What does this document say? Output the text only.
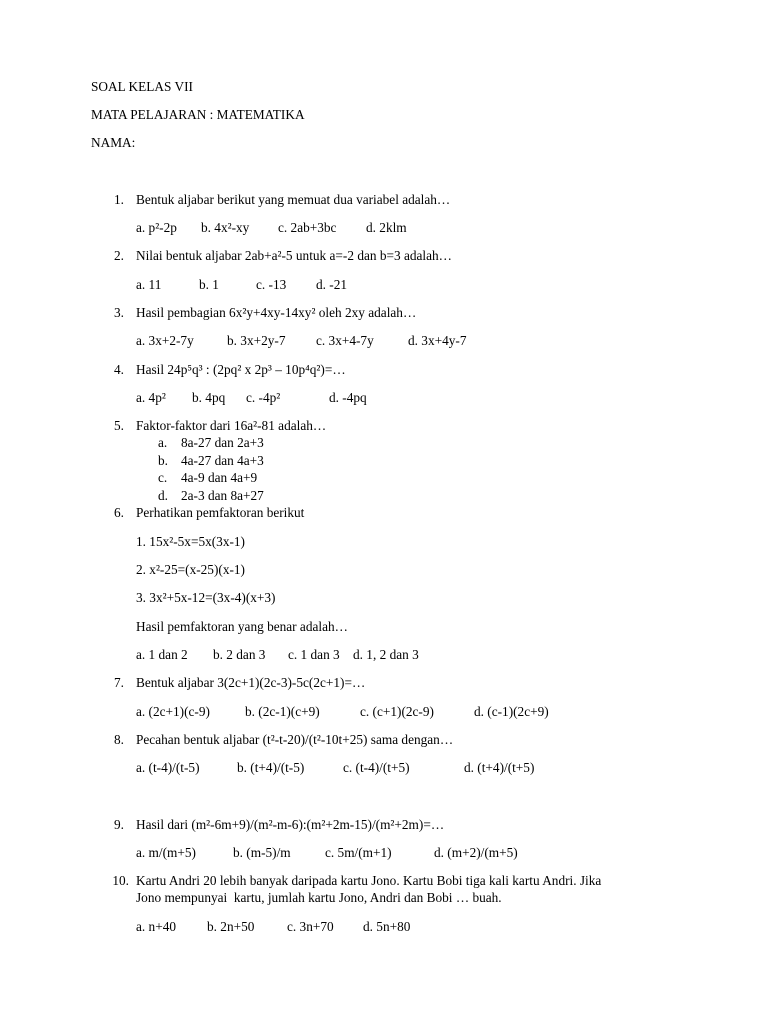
SOAL KELAS VII
MATA PELAJARAN : MATEMATIKA
NAMA:
1. Bentuk aljabar berikut yang memuat dua variabel adalah…
a. p²-2p b. 4x²-xy c. 2ab+3bc d. 2klm
2. Nilai bentuk aljabar 2ab+a²-5 untuk a=-2 dan b=3 adalah…
a. 11	b. 1	c. -13 d. -21
3. Hasil pembagian 6x²y+4xy-14xy² oleh 2xy adalah…
a. 3x+2-7y	b. 3x+2y-7 c. 3x+4-7y	d. 3x+4y-7
4. Hasil 24p⁵q³ : (2pq² x 2p³ – 10p⁴q²)=…
a. 4p² b. 4pq c. -4p²	d. -4pq
5. Faktor-faktor dari 16a²-81 adalah…
a. 8a-27 dan 2a+3
b. 4a-27 dan 4a+3
c. 4a-9 dan 4a+9
d. 2a-3 dan 8a+27
6. Perhatikan pemfaktoran berikut
1. 15x²-5x=5x(3x-1)
2. x²-25=(x-25)(x-1)
3. 3x²+5x-12=(3x-4)(x+3)
Hasil pemfaktoran yang benar adalah…
a. 1 dan 2 b. 2 dan 3 c. 1 dan 3 d. 1, 2 dan 3
7. Bentuk aljabar 3(2c+1)(2c-3)-5c(2c+1)=…
a. (2c+1)(c-9)	b. (2c-1)(c+9)	c. (c+1)(2c-9)	d. (c-1)(2c+9)
8. Pecahan bentuk aljabar (t²-t-20)/(t²-10t+25) sama dengan…
a. (t-4)/(t-5)	b. (t+4)/(t-5)	c. (t-4)/(t+5)	d. (t+4)/(t+5)
9. Hasil dari (m²-6m+9)/(m²-m-6):(m²+2m-15)/(m²+2m)=…
a. m/(m+5)	b. (m-5)/m	c. 5m/(m+1)	d. (m+2)/(m+5)
10. Kartu Andri 20 lebih banyak daripada kartu Jono. Kartu Bobi tiga kali kartu Andri. Jika
Jono mempunyai  kartu, jumlah kartu Jono, Andri dan Bobi … buah.
a. n+40 b. 2n+50 c. 3n+70 d. 5n+80
